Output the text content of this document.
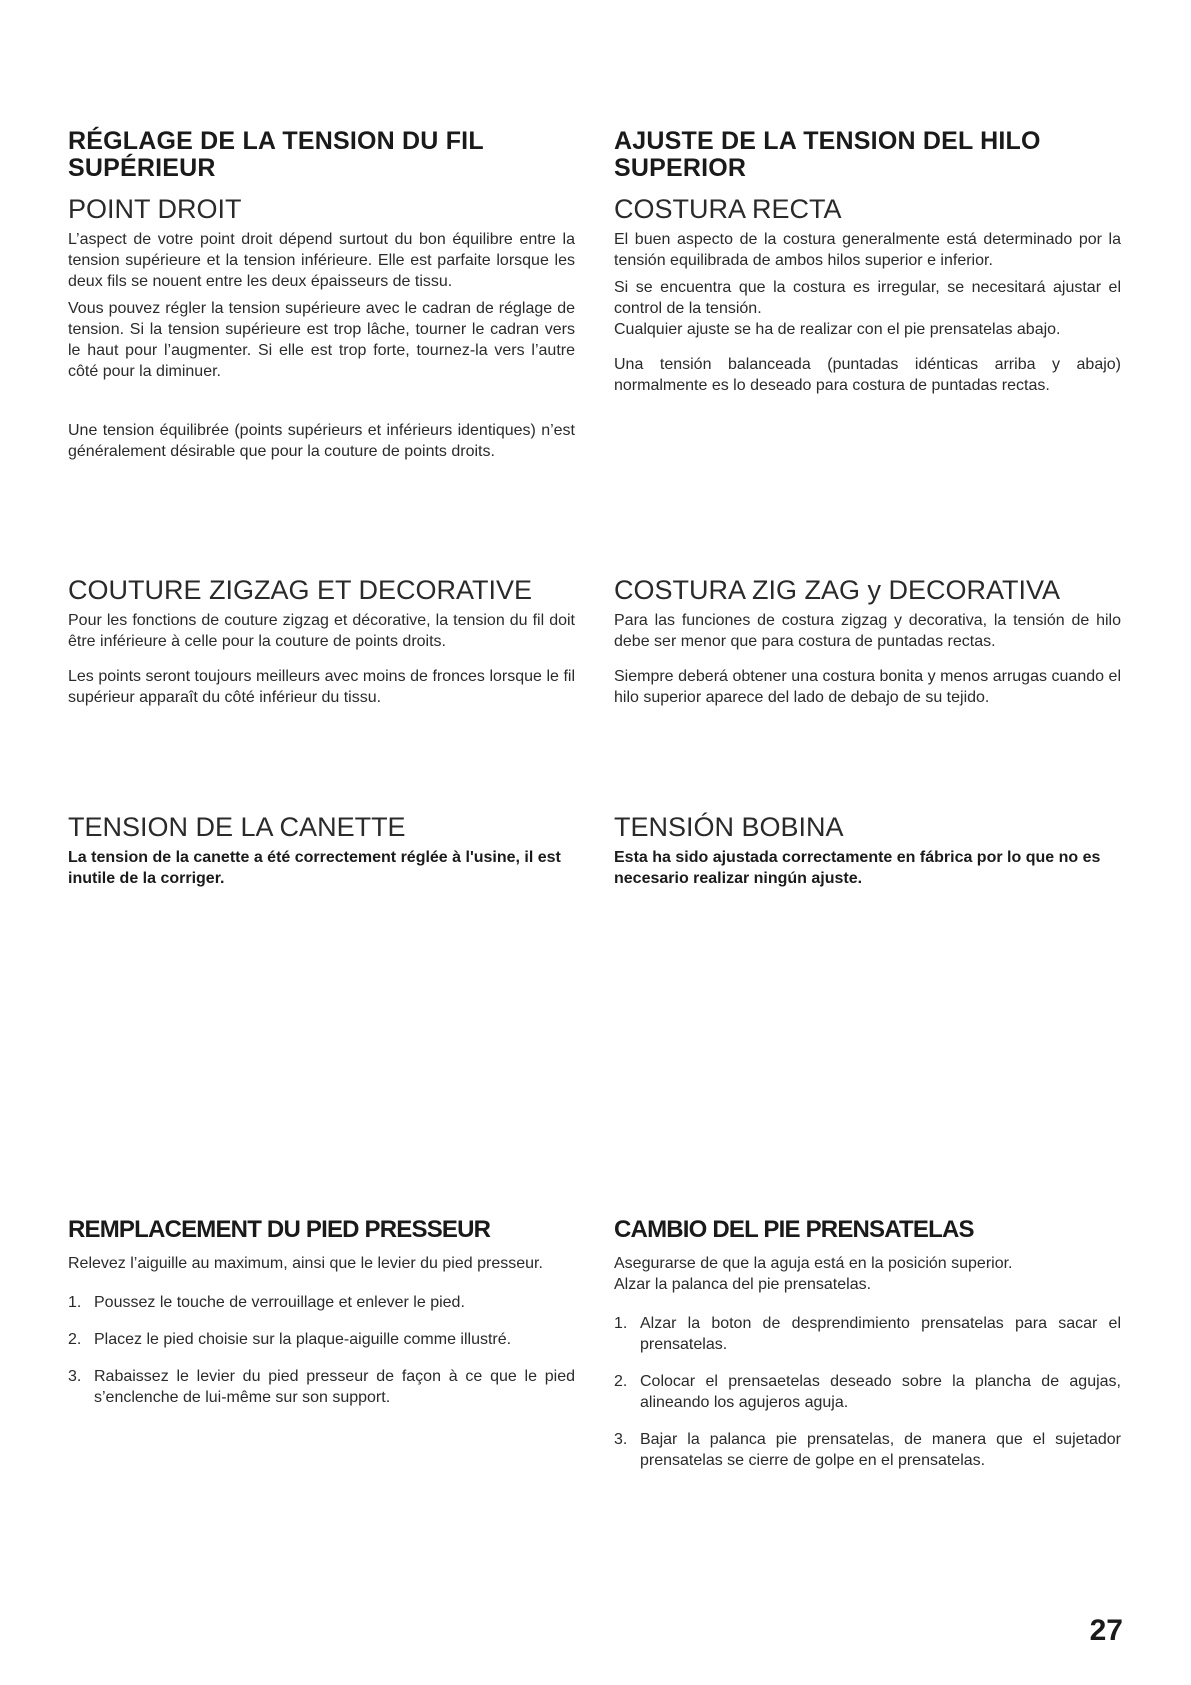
RÉGLAGE DE LA TENSION DU FIL
SUPÉRIEUR
POINT DROIT

L’aspect de votre point droit dépend surtout du bon équilibre entre la tension supérieure et la tension inférieure. Elle est parfaite lorsque les deux fils se nouent entre les deux épaisseurs de tissu.

Vous pouvez régler la tension supérieure avec le cadran de réglage de tension. Si la tension supérieure est trop lâche, tourner le cadran vers le haut pour l’augmenter. Si elle est trop forte, tournez-la vers l’autre côté pour la diminuer.

Une tension équilibrée (points supérieurs et inférieurs identiques) n’est généralement désirable que pour la couture de points droits.

COUTURE ZIGZAG ET DECORATIVE

Pour les fonctions de couture zigzag et décorative, la tension du fil doit être inférieure à celle pour la couture de points droits.

Les points seront toujours meilleurs avec moins de fronces lorsque le fil supérieur apparaît du côté inférieur du tissu.

TENSION DE LA CANETTE

La tension de la canette a été correctement réglée à l'usine, il est inutile de la corriger.

REMPLACEMENT DU PIED PRESSEUR

Relevez l’aiguille au maximum, ainsi que le levier du pied presseur.

1. Poussez le touche de verrouillage et enlever le pied.
2. Placez le pied choisie sur la plaque-aiguille comme illustré.
3. Rabaissez le levier du pied presseur de façon à ce que le pied s’enclenche de lui-même sur son support.
AJUSTE DE LA TENSION DEL HILO
SUPERIOR
COSTURA RECTA

El buen aspecto de la costura generalmente está determinado por la tensión equilibrada de ambos hilos superior e inferior.

Si se encuentra que la costura es irregular, se necesitará ajustar el control de la tensión.

Cualquier ajuste se ha de realizar con el pie prensatelas abajo.

Una tensión balanceada (puntadas idénticas arriba y abajo) normalmente es lo deseado para costura de puntadas rectas.

COSTURA ZIG ZAG y DECORATIVA

Para las funciones de costura zigzag y decorativa, la tensión de hilo debe ser menor que para costura de puntadas rectas.

Siempre deberá obtener una costura bonita y menos arrugas cuando el hilo superior aparece del lado de debajo de su tejido.

TENSIÓN BOBINA

Esta ha sido ajustada correctamente en fábrica por lo que no es necesario realizar ningún ajuste.

CAMBIO DEL PIE PRENSATELAS

Asegurarse de que la aguja está en la posición superior.

Alzar la palanca del pie prensatelas.

1. Alzar la boton de desprendimiento prensatelas para sacar el prensatelas.
2. Colocar el prensaetelas deseado sobre la plancha de agujas, alineando los agujeros aguja.
3. Bajar la palanca pie prensatelas, de manera que el sujetador prensatelas se cierre de golpe en el prensatelas.
27
